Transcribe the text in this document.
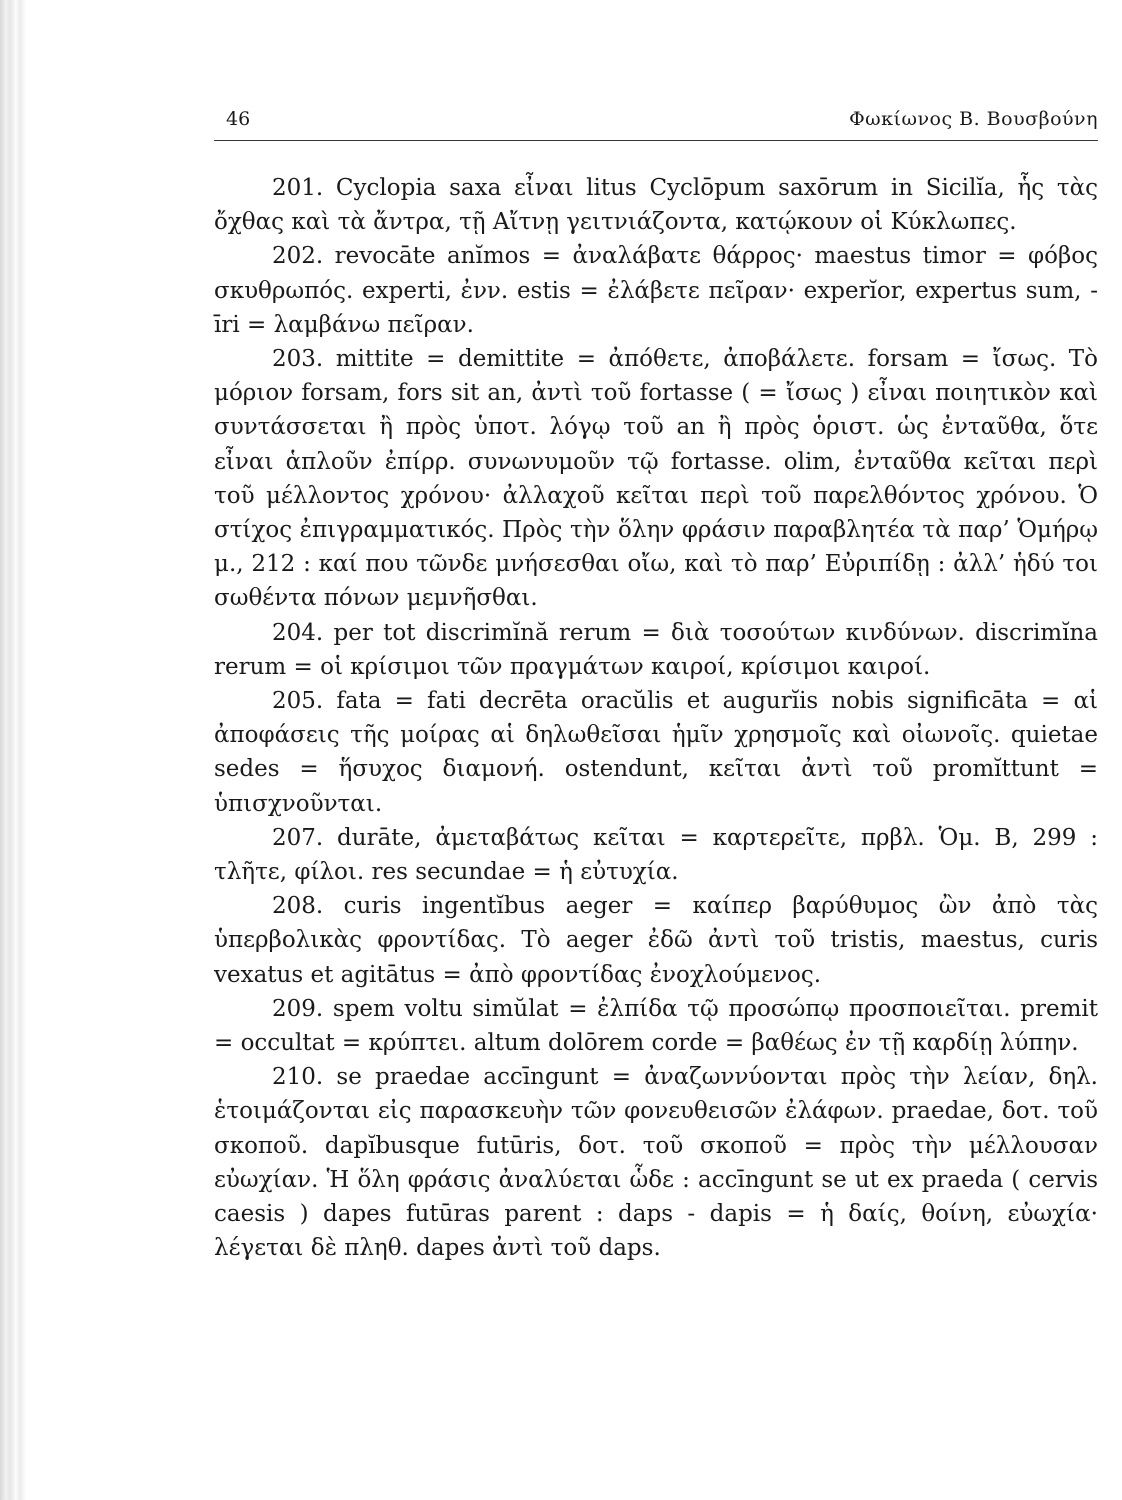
46	Φωκίωνος Β. Βουσβούνη

201. Cyclopia saxa εἶναι litus Cyclōpum saxōrum in Sicilĭa, ἧς τὰς ὄχθας καὶ τὰ ἄντρα, τῇ Αἴτνῃ γειτνιάζοντα, κατῴκουν οἱ Κύκλωπες.

202. revocāte anĭmos = ἀναλάβατε θάρρος· maestus timor = φόβος σκυθρωπός. experti, ἐνν. estis = ἐλάβετε πεῖραν· experĭor, expertus sum, - īri = λαμβάνω πεῖραν.

203. mittite = demittite = ἀπόθετε, ἀποβάλετε. forsam = ἴσως. Τὸ μόριον forsam, fors sit an, ἀντὶ τοῦ fortasse ( = ἴσως ) εἶναι ποιητικὸν καὶ συντάσσεται ἢ πρὸς ὑποτ. λόγῳ τοῦ an ἢ πρὸς ὁριστ. ὡς ἐνταῦθα, ὅτε εἶναι ἁπλοῦν ἐπίρρ. συνωνυμοῦν τῷ fortasse. olim, ἐνταῦθα κεῖται περὶ τοῦ μέλλοντος χρόνου· ἀλλαχοῦ κεῖται περὶ τοῦ παρελθόντος χρόνου. Ὁ στίχος ἐπιγραμματικός. Πρὸς τὴν ὅλην φράσιν παραβλητέα τὰ παρ’ Ὁμήρῳ μ., 212 : καί που τῶνδε μνήσεσθαι οἴω, καὶ τὸ παρ’ Εὐριπίδῃ : ἀλλ’ ἡδύ τοι σωθέντα πόνων μεμνῆσθαι.

204. per tot discrimĭnă rerum = διὰ τοσούτων κινδύνων. discrimĭna rerum = οἱ κρίσιμοι τῶν πραγμάτων καιροί, κρίσιμοι καιροί.

205. fata = fati decrēta oracŭlis et augurĭis nobis significāta = αἱ ἀποφάσεις τῆς μοίρας αἱ δηλωθεῖσαι ἡμῖν χρησμοῖς καὶ οἰωνοῖς. quietae sedes = ἥσυχος διαμονή. ostendunt, κεῖται ἀντὶ τοῦ promĭttunt = ὑπισχνοῦνται.

207. durāte, ἀμεταβάτως κεῖται = καρτερεῖτε, πρβλ. Ὁμ. Β, 299 : τλῆτε, φίλοι. res secundae = ἡ εὐτυχία.

208. curis ingentĭbus aeger = καίπερ βαρύθυμος ὢν ἀπὸ τὰς ὑπερβολικὰς φροντίδας. Τὸ aeger ἐδῶ ἀντὶ τοῦ tristis, maestus, curis vexatus et agitātus = ἀπὸ φροντίδας ἐνοχλούμενος.

209. spem voltu simŭlat = ἐλπίδα τῷ προσώπῳ προσποιεῖται. premit = occultat = κρύπτει. altum dolōrem corde = βαθέως ἐν τῇ καρδίῃ λύπην.

210. se praedae accīngunt = ἀναζωννύονται πρὸς τὴν λείαν, δηλ. ἑτοιμάζονται εἰς παρασκευὴν τῶν φονευθεισῶν ἐλάφων. praedae, δοτ. τοῦ σκοποῦ. dapĭbusque futūris, δοτ. τοῦ σκοποῦ = πρὸς τὴν μέλλουσαν εὐωχίαν. Ἡ ὅλη φράσις ἀναλύεται ὧδε : accīngunt se ut ex praeda ( cervis caesis ) dapes futūras parent : daps - dapis = ἡ δαίς, θοίνη, εὐωχία· λέγεται δὲ πληθ. dapes ἀντὶ τοῦ daps.
